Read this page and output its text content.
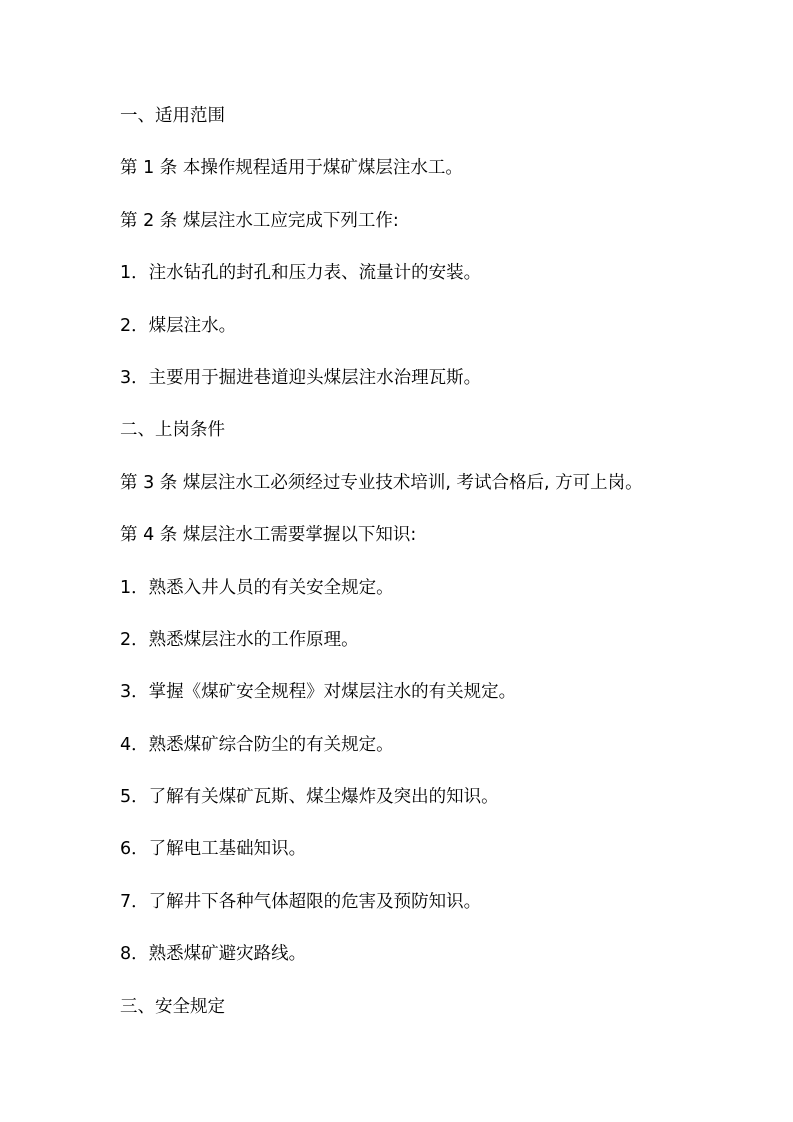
一、适用范围

第 1 条 本操作规程适用于煤矿煤层注水工。

第 2 条 煤层注水工应完成下列工作:

1．注水钻孔的封孔和压力表、流量计的安装。

2．煤层注水。

3．主要用于掘进巷道迎头煤层注水治理瓦斯。

二、上岗条件

第 3 条 煤层注水工必须经过专业技术培训, 考试合格后, 方可上岗。

第 4 条 煤层注水工需要掌握以下知识:

1．熟悉入井人员的有关安全规定。

2．熟悉煤层注水的工作原理。

3．掌握《煤矿安全规程》对煤层注水的有关规定。

4．熟悉煤矿综合防尘的有关规定。

5．了解有关煤矿瓦斯、煤尘爆炸及突出的知识。

6．了解电工基础知识。

7．了解井下各种气体超限的危害及预防知识。

8．熟悉煤矿避灾路线。

三、安全规定
